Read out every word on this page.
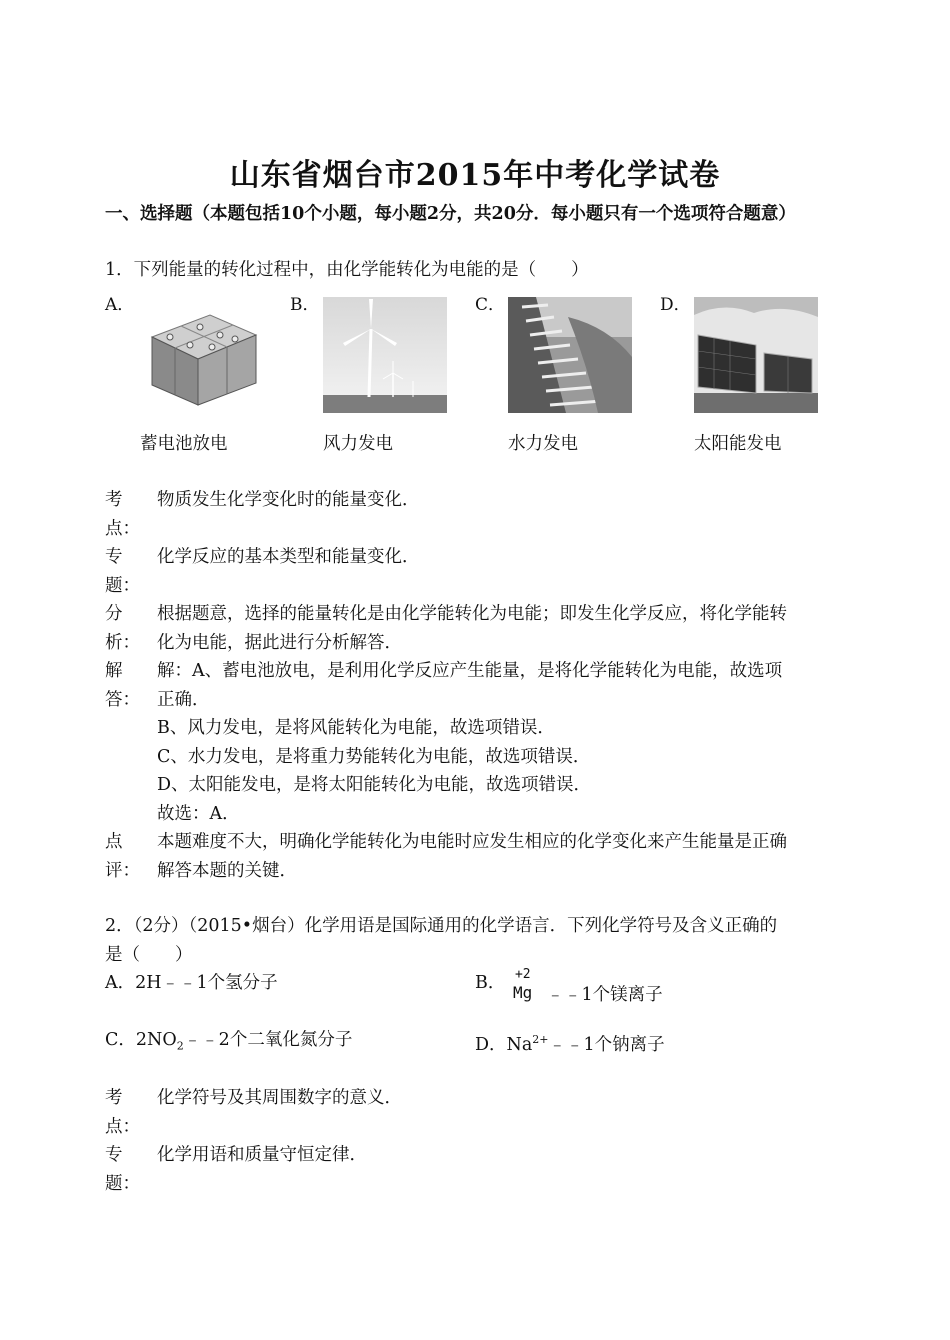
山东省烟台市2015年中考化学试卷
一、选择题（本题包括10个小题，每小题2分，共20分．每小题只有一个选项符合题意）
1．下列能量的转化过程中，由化学能转化为电能的是（　　）
A．	B．	C．	D．
蓄电池放电	风力发电	水力发电	太阳能发电
考
点：
物质发生化学变化时的能量变化．
专
题：
化学反应的基本类型和能量变化．
分
析：
根据题意，选择的能量转化是由化学能转化为电能；即发生化学反应，将化学能转
化为电能，据此进行分析解答．
解
答：
解：A、蓄电池放电，是利用化学反应产生能量，是将化学能转化为电能，故选项
正确．
B、风力发电，是将风能转化为电能，故选项错误．
C、水力发电，是将重力势能转化为电能，故选项错误．
D、太阳能发电，是将太阳能转化为电能，故选项错误．
故选：A．
点
评：
本题难度不大，明确化学能转化为电能时应发生相应的化学变化来产生能量是正确
解答本题的关键．
2．（2分）（2015•烟台）化学用语是国际通用的化学语言．下列化学符号及含义正确的
是（　　）
A．2H﹣﹣1个氢分子	B． +2
Mg ﹣﹣1个镁离子
C．$2NO_2﹣﹣2$个二氧化氮分子	D．$Na^{2+}﹣﹣1$个钠离子
考
点：
化学符号及其周围数字的意义．
专
题：
化学用语和质量守恒定律．
